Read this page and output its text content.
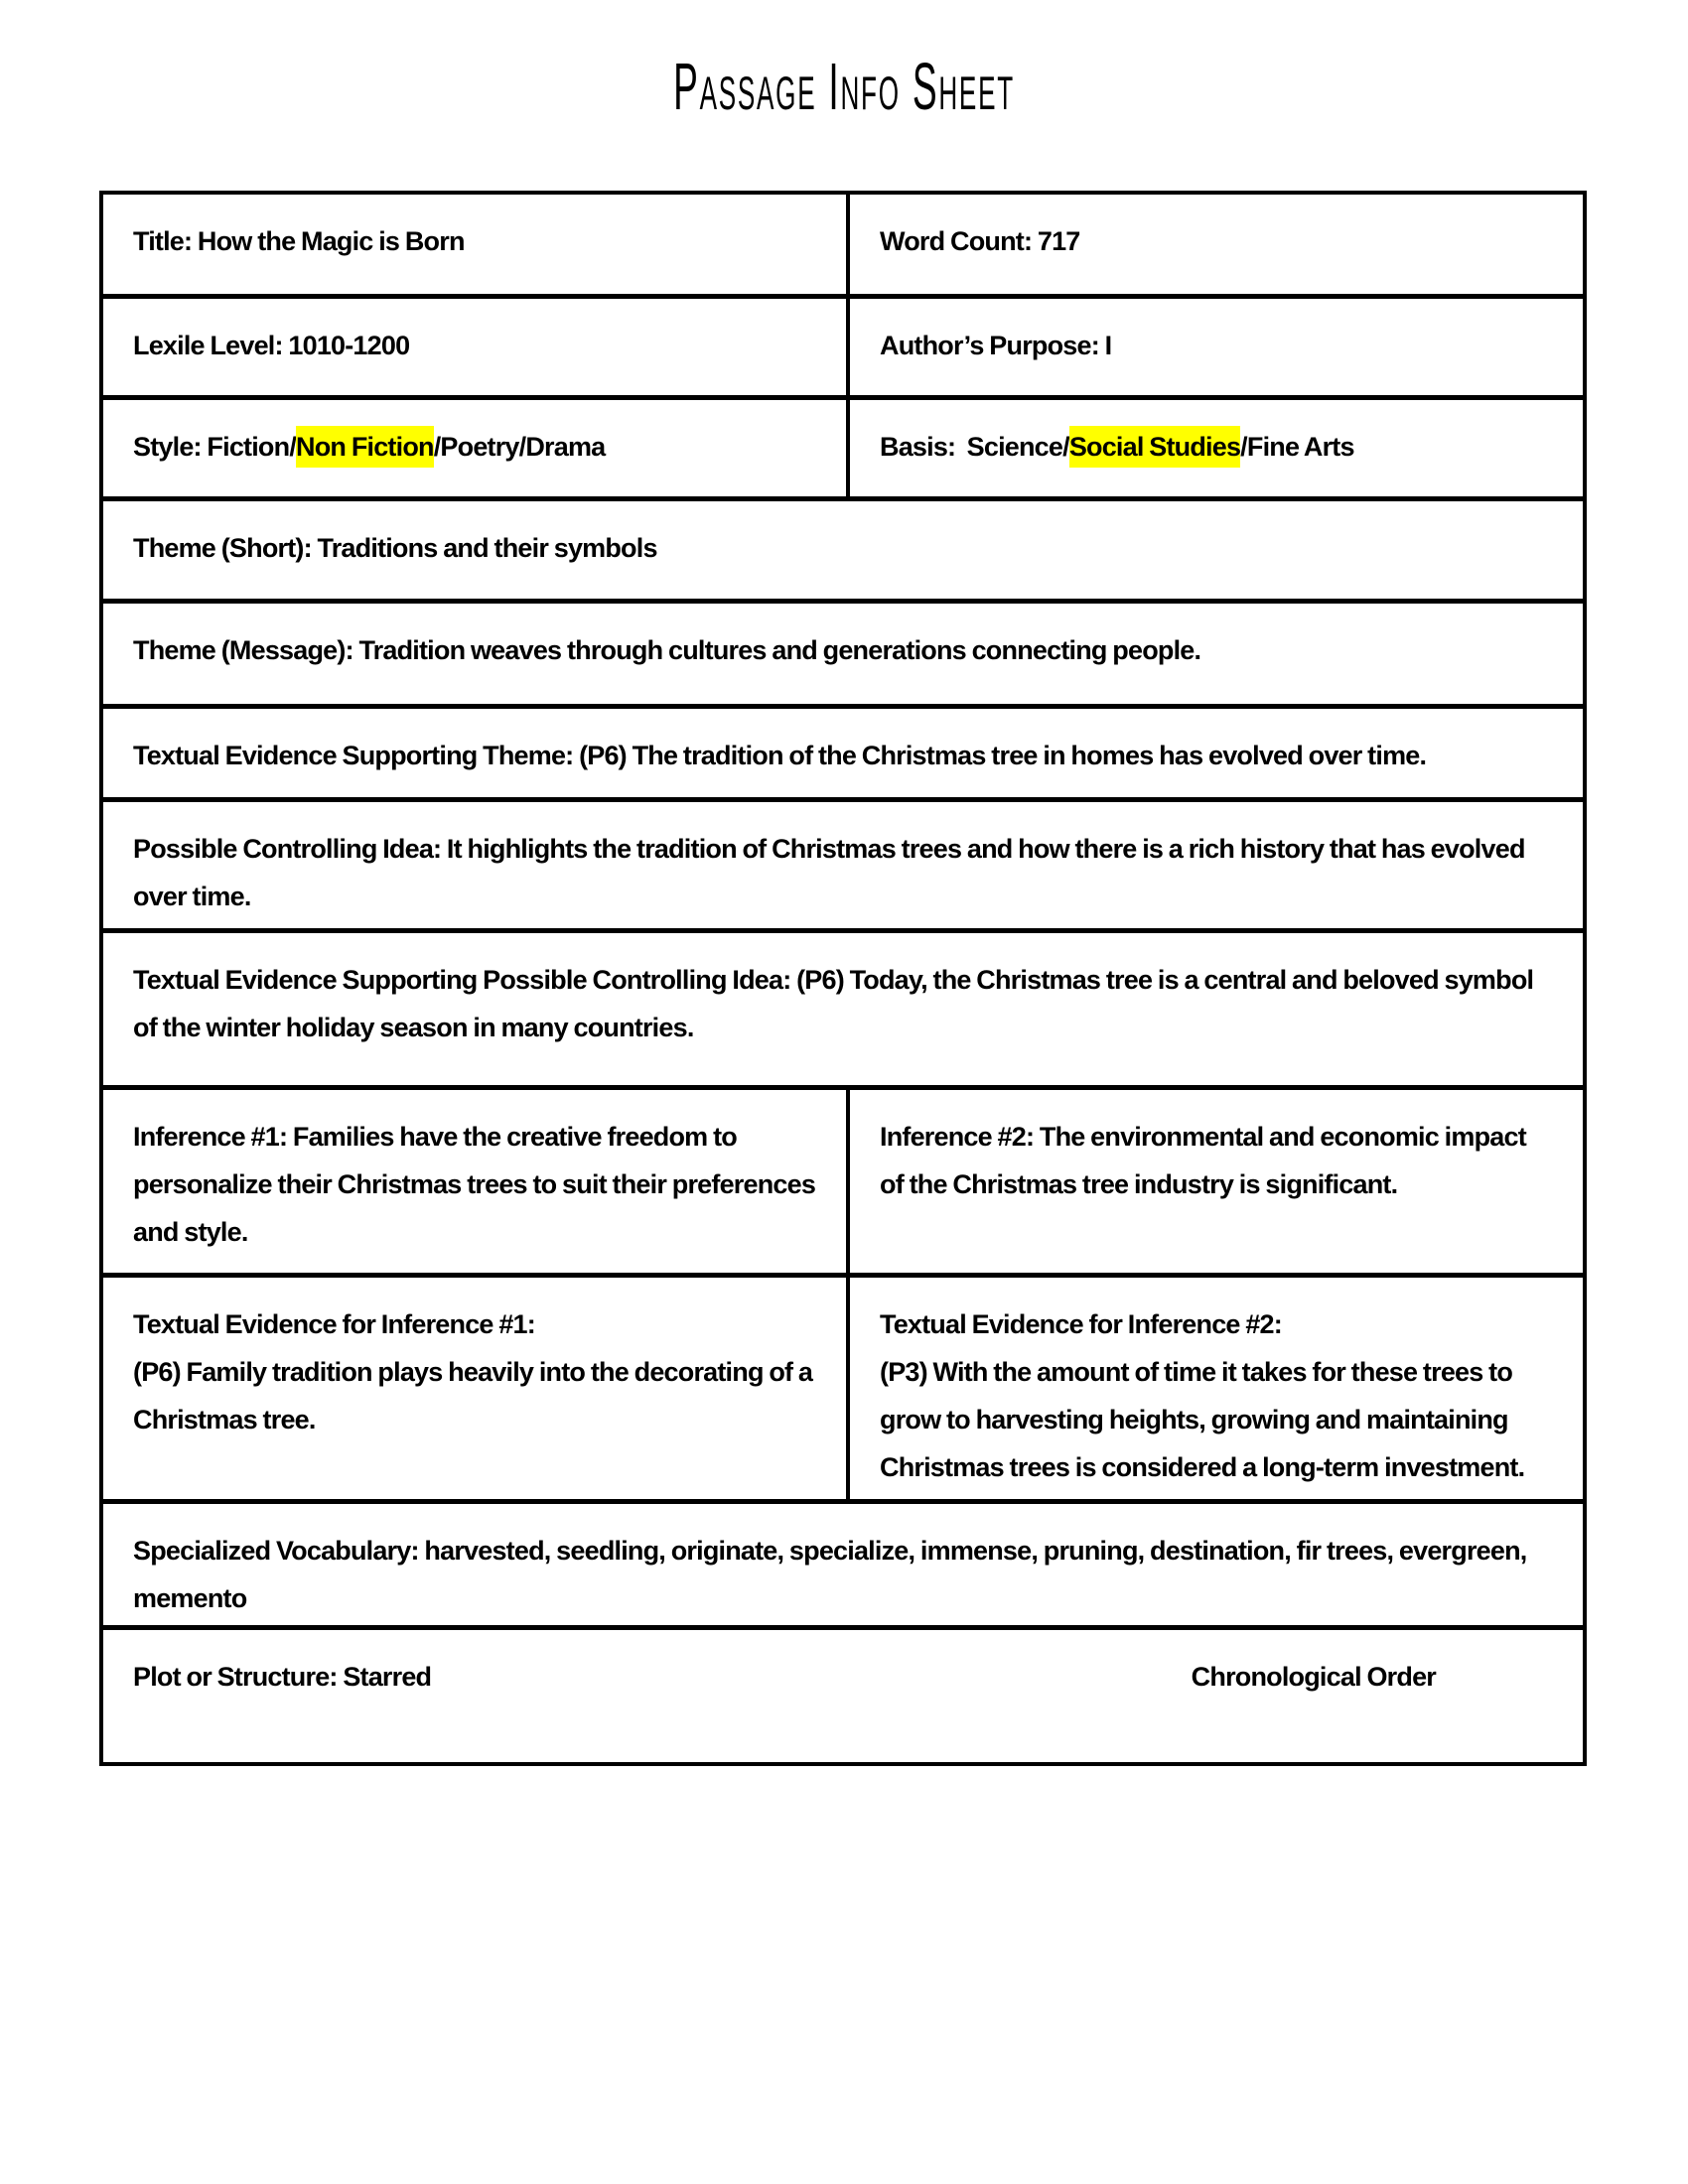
Passage Info Sheet
Title: How the Magic is Born	Word Count: 717
Lexile Level: 1010-1200	Author’s Purpose: I
Style: Fiction/Non Fiction/Poetry/Drama	Basis:  Science/Social Studies/Fine Arts
Theme (Short): Traditions and their symbols
Theme (Message): Tradition weaves through cultures and generations connecting people.
Textual Evidence Supporting Theme: (P6) The tradition of the Christmas tree in homes has evolved over time.
Possible Controlling Idea: It highlights the tradition of Christmas trees and how there is a rich history that has evolved over time.
Textual Evidence Supporting Possible Controlling Idea: (P6) Today, the Christmas tree is a central and beloved symbol of the winter holiday season in many countries.
Inference #1: Families have the creative freedom to personalize their Christmas trees to suit their preferences and style.
Inference #2: The environmental and economic impact of the Christmas tree industry is significant.
Textual Evidence for Inference #1:
(P6) Family tradition plays heavily into the decorating of a Christmas tree.
Textual Evidence for Inference #2:
(P3) With the amount of time it takes for these trees to grow to harvesting heights, growing and maintaining Christmas trees is considered a long-term investment.
Specialized Vocabulary: harvested, seedling, originate, specialize, immense, pruning, destination, fir trees, evergreen, memento
Plot or Structure: Starred	Chronological Order
